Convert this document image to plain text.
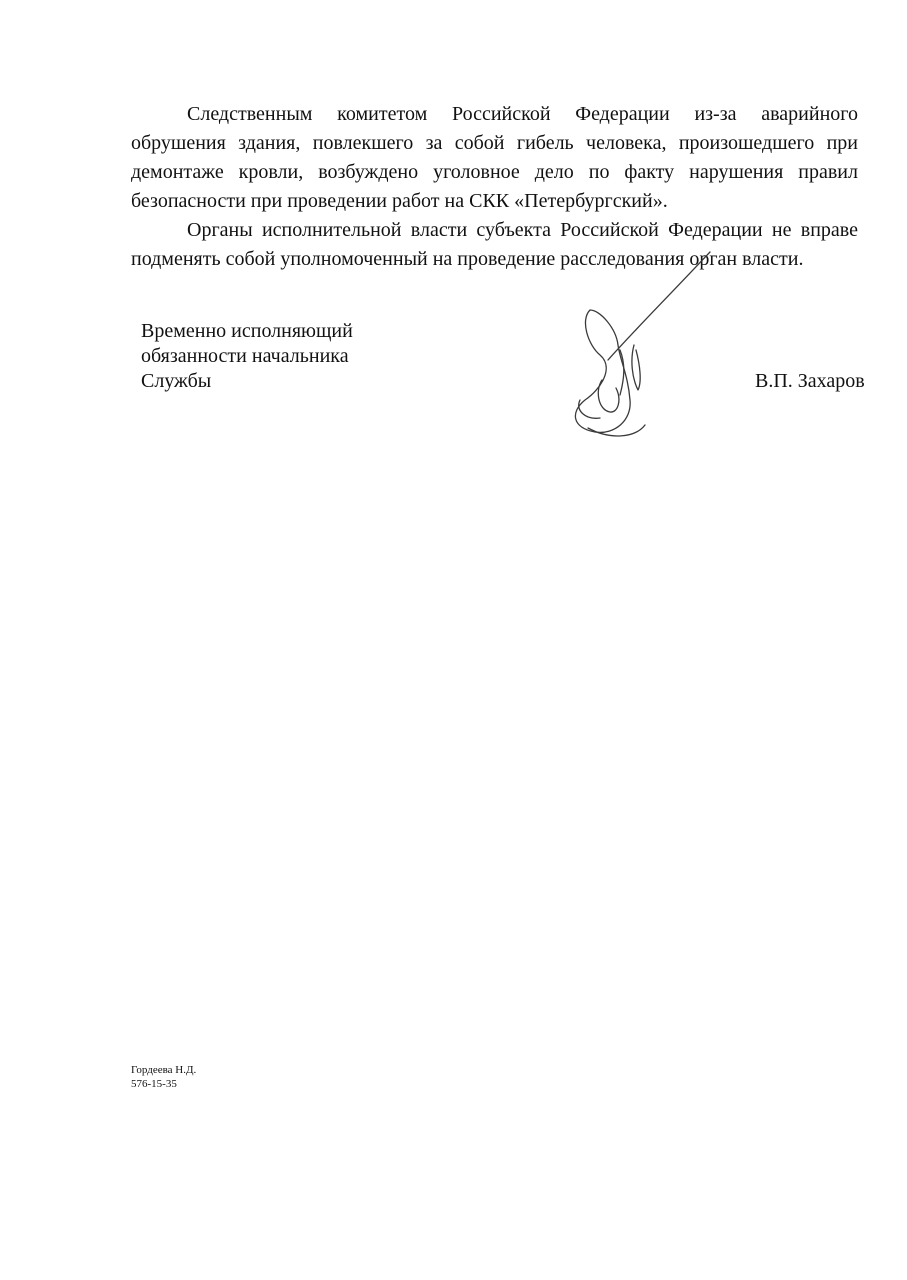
Следственным комитетом Российской Федерации из-за аварийного обрушения здания, повлекшего за собой гибель человека, произошедшего при демонтаже кровли, возбуждено уголовное дело по факту нарушения правил безопасности при проведении работ на СКК «Петербургский».

Органы исполнительной власти субъекта Российской Федерации не вправе подменять собой уполномоченный на проведение расследования орган власти.

Временно исполняющий
обязанности начальника
Службы	В.П. Захаров
Гордеева Н.Д.
576-15-35
